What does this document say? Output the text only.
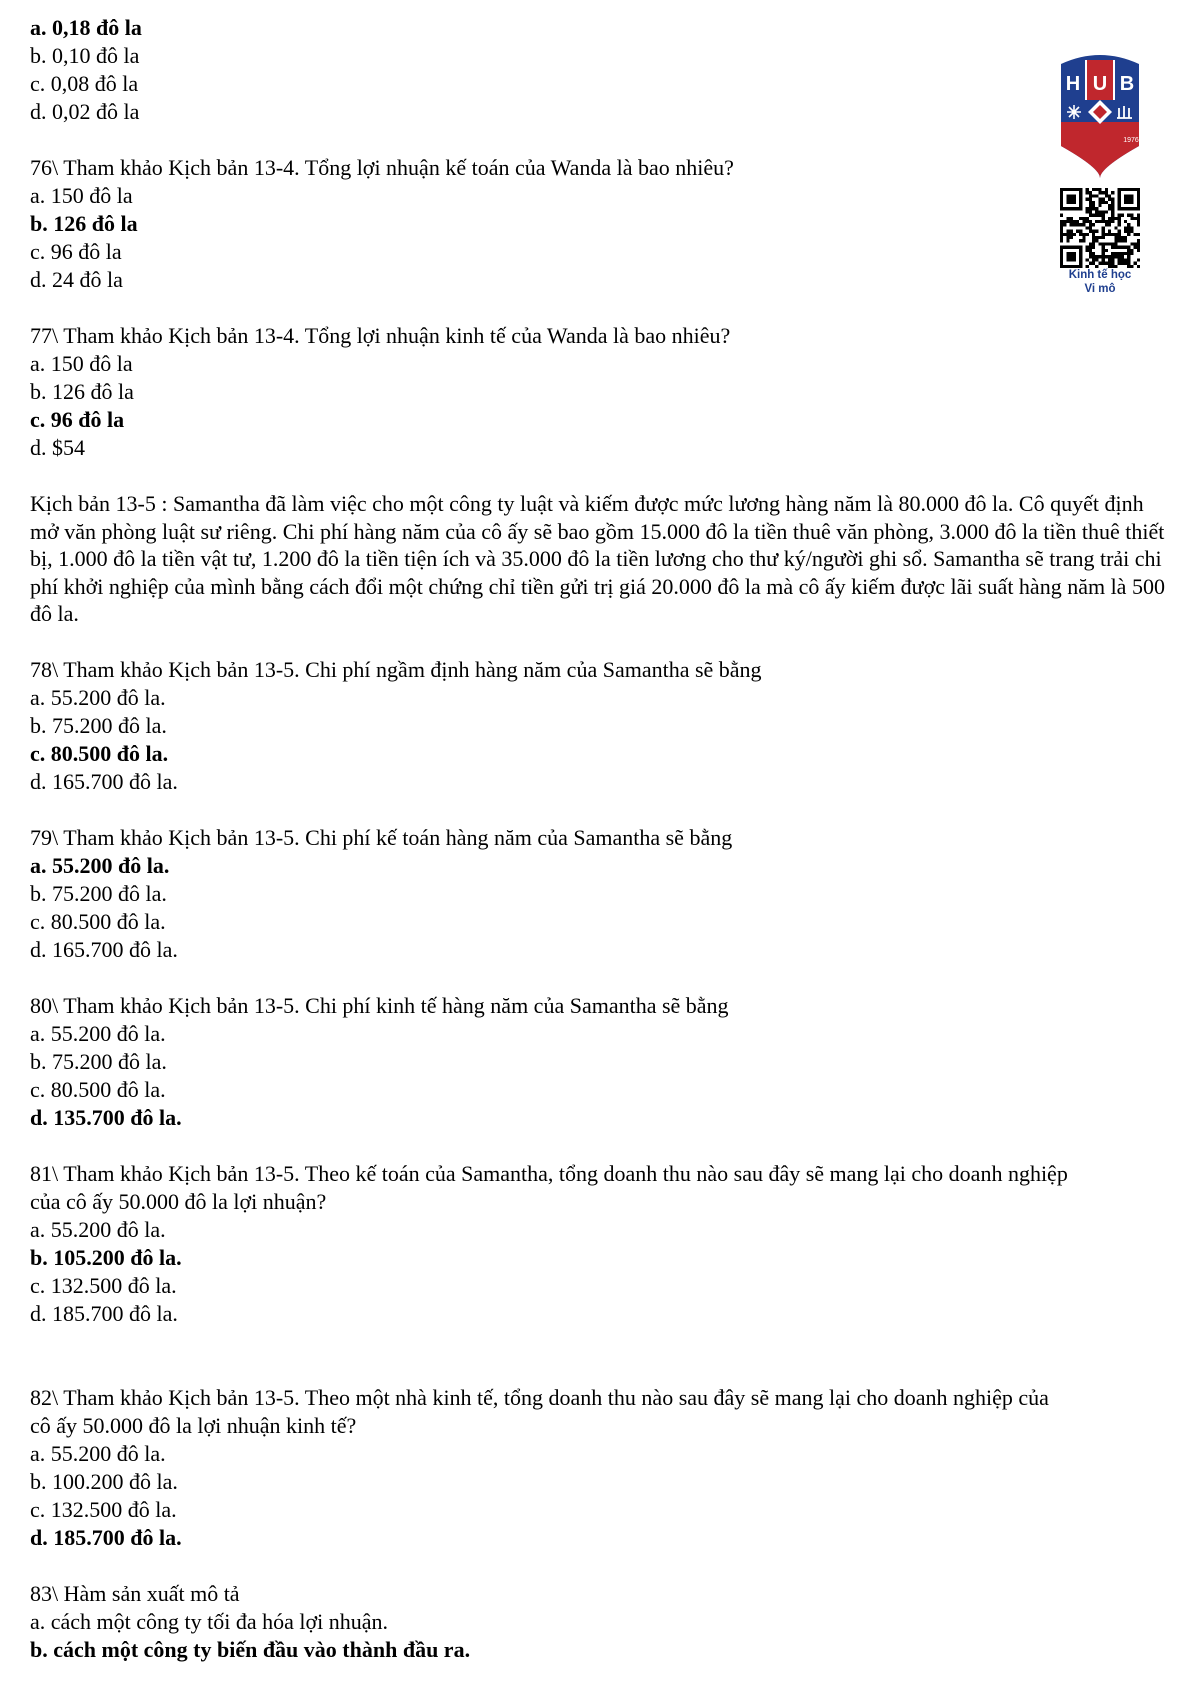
a. 0,18 đô la
b. 0,10 đô la
c. 0,08 đô la
d. 0,02 đô la
76\ Tham khảo Kịch bản 13-4. Tổng lợi nhuận kế toán của Wanda là bao nhiêu?
a. 150 đô la
b. 126 đô la
c. 96 đô la
d. 24 đô la
77\ Tham khảo Kịch bản 13-4. Tổng lợi nhuận kinh tế của Wanda là bao nhiêu?
a. 150 đô la
b. 126 đô la
c. 96 đô la
d. $54
Kịch bản 13-5 : Samantha đã làm việc cho một công ty luật và kiếm được mức lương hàng năm là 80.000 đô la. Cô quyết định mở văn phòng luật sư riêng. Chi phí hàng năm của cô ấy sẽ bao gồm 15.000 đô la tiền thuê văn phòng, 3.000 đô la tiền thuê thiết bị, 1.000 đô la tiền vật tư, 1.200 đô la tiền tiện ích và 35.000 đô la tiền lương cho thư ký/người ghi sổ. Samantha sẽ trang trải chi phí khởi nghiệp của mình bằng cách đổi một chứng chỉ tiền gửi trị giá 20.000 đô la mà cô ấy kiếm được lãi suất hàng năm là 500 đô la.
78\ Tham khảo Kịch bản 13-5. Chi phí ngầm định hàng năm của Samantha sẽ bằng
a. 55.200 đô la.
b. 75.200 đô la.
c. 80.500 đô la.
d. 165.700 đô la.
79\ Tham khảo Kịch bản 13-5. Chi phí kế toán hàng năm của Samantha sẽ bằng
a. 55.200 đô la.
b. 75.200 đô la.
c. 80.500 đô la.
d. 165.700 đô la.
80\ Tham khảo Kịch bản 13-5. Chi phí kinh tế hàng năm của Samantha sẽ bằng
a. 55.200 đô la.
b. 75.200 đô la.
c. 80.500 đô la.
d. 135.700 đô la.
81\ Tham khảo Kịch bản 13-5. Theo kế toán của Samantha, tổng doanh thu nào sau đây sẽ mang lại cho doanh nghiệp
của cô ấy 50.000 đô la lợi nhuận?
a. 55.200 đô la.
b. 105.200 đô la.
c. 132.500 đô la.
d. 185.700 đô la.
82\ Tham khảo Kịch bản 13-5. Theo một nhà kinh tế, tổng doanh thu nào sau đây sẽ mang lại cho doanh nghiệp của
cô ấy 50.000 đô la lợi nhuận kinh tế?
a. 55.200 đô la.
b. 100.200 đô la.
c. 132.500 đô la.
d. 185.700 đô la.
83\ Hàm sản xuất mô tả
a. cách một công ty tối đa hóa lợi nhuận.
b. cách một công ty biến đầu vào thành đầu ra.
H U B
1976
Kinh tế học
Vi mô
